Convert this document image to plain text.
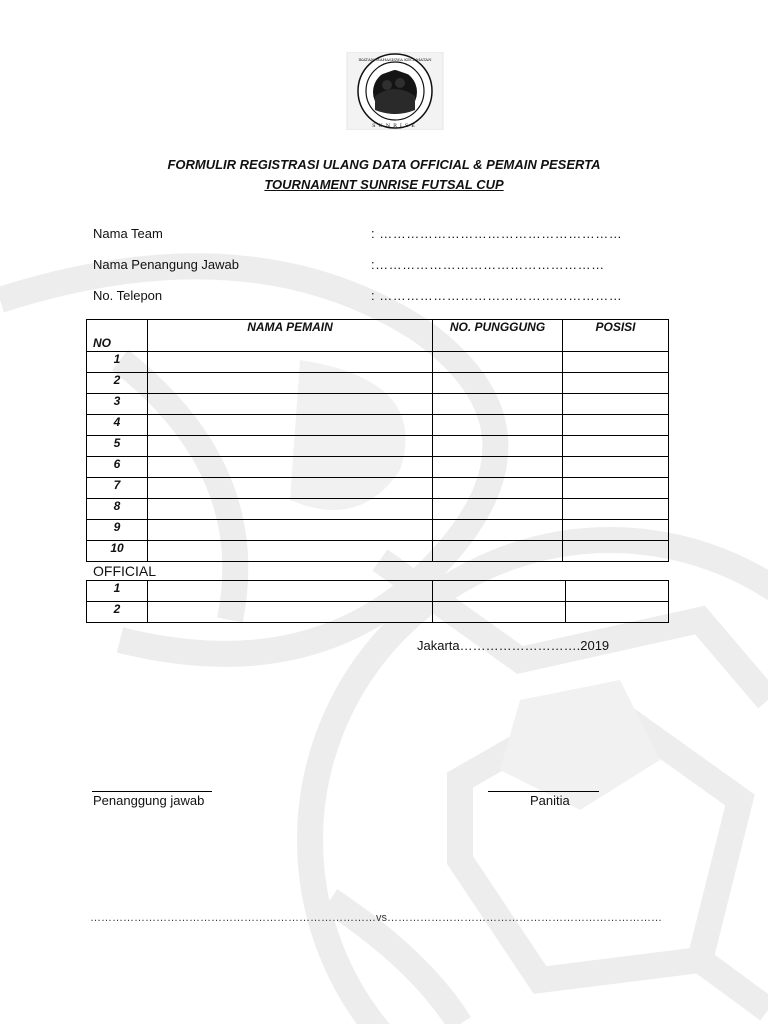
IKATAN MAHASISWA KECAMATAN
SUNRISE
FORMULIR REGISTRASI ULANG DATA OFFICIAL & PEMAIN PESERTA
TOURNAMENT SUNRISE FUTSAL CUP
Nama Team	: ………………………………………………
Nama Penangung Jawab	:……………………………………………
No. Telepon	: ………………………………………………
NO	NAMA PEMAIN	NO. PUNGGUNG	POSISI
1			
2			
3			
4			
5			
6			
7			
8			
9			
10			
OFFICIAL
1			
2			
Jakarta……………………….2019
Penanggung jawab	Panitia
……………………………………………………………………vs…………………………………………………………………
